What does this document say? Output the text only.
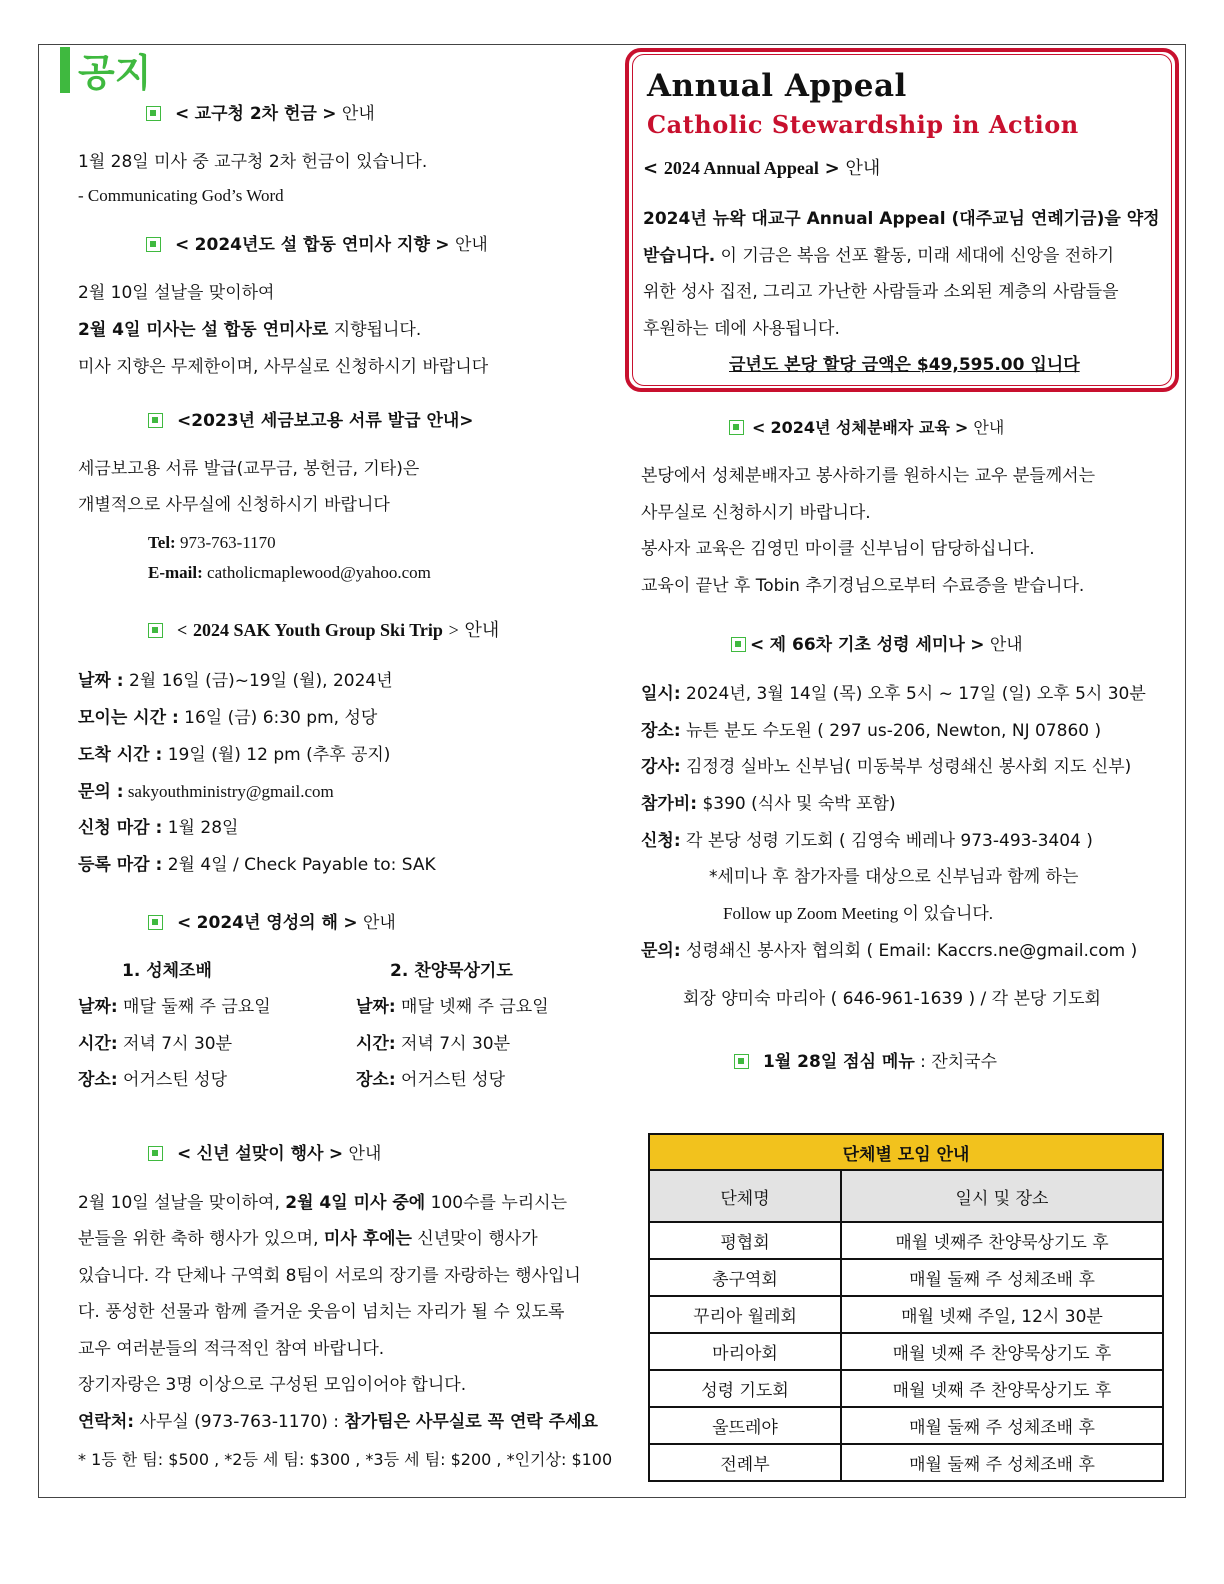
공지
< 교구청 2차 헌금 > 안내
1월 28일 미사 중 교구청 2차 헌금이 있습니다.
- Communicating God’s Word
< 2024년도 설 합동 연미사 지향 > 안내
2월 10일 설날을 맞이하여
2월 4일 미사는 설 합동 연미사로 지향됩니다.
미사 지향은 무제한이며, 사무실로 신청하시기 바랍니다
<2023년 세금보고용 서류 발급 안내>
세금보고용 서류 발급(교무금, 봉헌금, 기타)은
개별적으로 사무실에 신청하시기 바랍니다
Tel: 973-763-1170
E-mail: catholicmaplewood@yahoo.com
< 2024 SAK Youth Group Ski Trip > 안내
날짜 : 2월 16일 (금)~19일 (월), 2024년
모이는 시간 : 16일 (금) 6:30 pm, 성당
도착 시간 : 19일 (월) 12 pm (추후 공지)
문의 : sakyouthministry@gmail.com
신청 마감 : 1월 28일
등록 마감 : 2월 4일 / Check Payable to: SAK
< 2024년 영성의 해 > 안내
1. 성체조배
날짜: 매달 둘째 주 금요일
시간: 저녁 7시 30분
장소: 어거스틴 성당
2. 찬양묵상기도
날짜: 매달 넷째 주 금요일
시간: 저녁 7시 30분
장소: 어거스틴 성당
< 신년 설맞이 행사 > 안내
2월 10일 설날을 맞이하여, 2월 4일 미사 중에 100수를 누리시는
분들을 위한 축하 행사가 있으며, 미사 후에는 신년맞이 행사가
있습니다. 각 단체나 구역회 8팀이 서로의 장기를 자랑하는 행사입니
다. 풍성한 선물과 함께 즐거운 웃음이 넘치는 자리가 될 수 있도록
교우 여러분들의 적극적인 참여 바랍니다.
장기자랑은 3명 이상으로 구성된 모임이어야 합니다.
연락처: 사무실 (973-763-1170) : 참가팀은 사무실로 꼭 연락 주세요
* 1등 한 팀: $500 , *2등 세 팀: $300 , *3등 세 팀: $200 , *인기상: $100
Annual Appeal
Catholic Stewardship in Action
< 2024 Annual Appeal > 안내
2024년 뉴왁 대교구 Annual Appeal (대주교님 연례기금)을 약정
받습니다. 이 기금은 복음 선포 활동, 미래 세대에 신앙을 전하기
위한 성사 집전, 그리고 가난한 사람들과 소외된 계층의 사람들을
후원하는 데에 사용됩니다.
금년도 본당 할당 금액은 $49,595.00 입니다
< 2024년 성체분배자 교육 > 안내
본당에서 성체분배자고 봉사하기를 원하시는 교우 분들께서는
사무실로 신청하시기 바랍니다.
봉사자 교육은 김영민 마이클 신부님이 담당하십니다.
교육이 끝난 후 Tobin 추기경님으로부터 수료증을 받습니다.
< 제 66차 기초 성령 세미나 > 안내
일시: 2024년, 3월 14일 (목) 오후 5시 ~ 17일 (일) 오후 5시 30분
장소: 뉴튼 분도 수도원 ( 297 us-206, Newton, NJ 07860 )
강사: 김정경 실바노 신부님( 미동북부 성령쇄신 봉사회 지도 신부)
참가비: $390 (식사 및 숙박 포함)
신청: 각 본당 성령 기도회 ( 김영숙 베레나 973-493-3404 )
*세미나 후 참가자를 대상으로 신부님과 함께 하는
Follow up Zoom Meeting 이 있습니다.
문의: 성령쇄신 봉사자 협의회 ( Email: Kaccrs.ne@gmail.com )
회장 양미숙 마리아 ( 646-961-1639 ) / 각 본당 기도회
1월 28일 점심 메뉴 : 잔치국수
단체별 모임 안내	
단체명	일시 및 장소
평협회	매월 넷째주 찬양묵상기도 후
총구역회	매월 둘째 주 성체조배 후
꾸리아 월레회	매월 넷째 주일, 12시 30분
마리아회	매월 넷째 주 찬양묵상기도 후
성령 기도회	매월 넷째 주 찬양묵상기도 후
울뜨레야	매월 둘째 주 성체조배 후
전례부	매월 둘째 주 성체조배 후
